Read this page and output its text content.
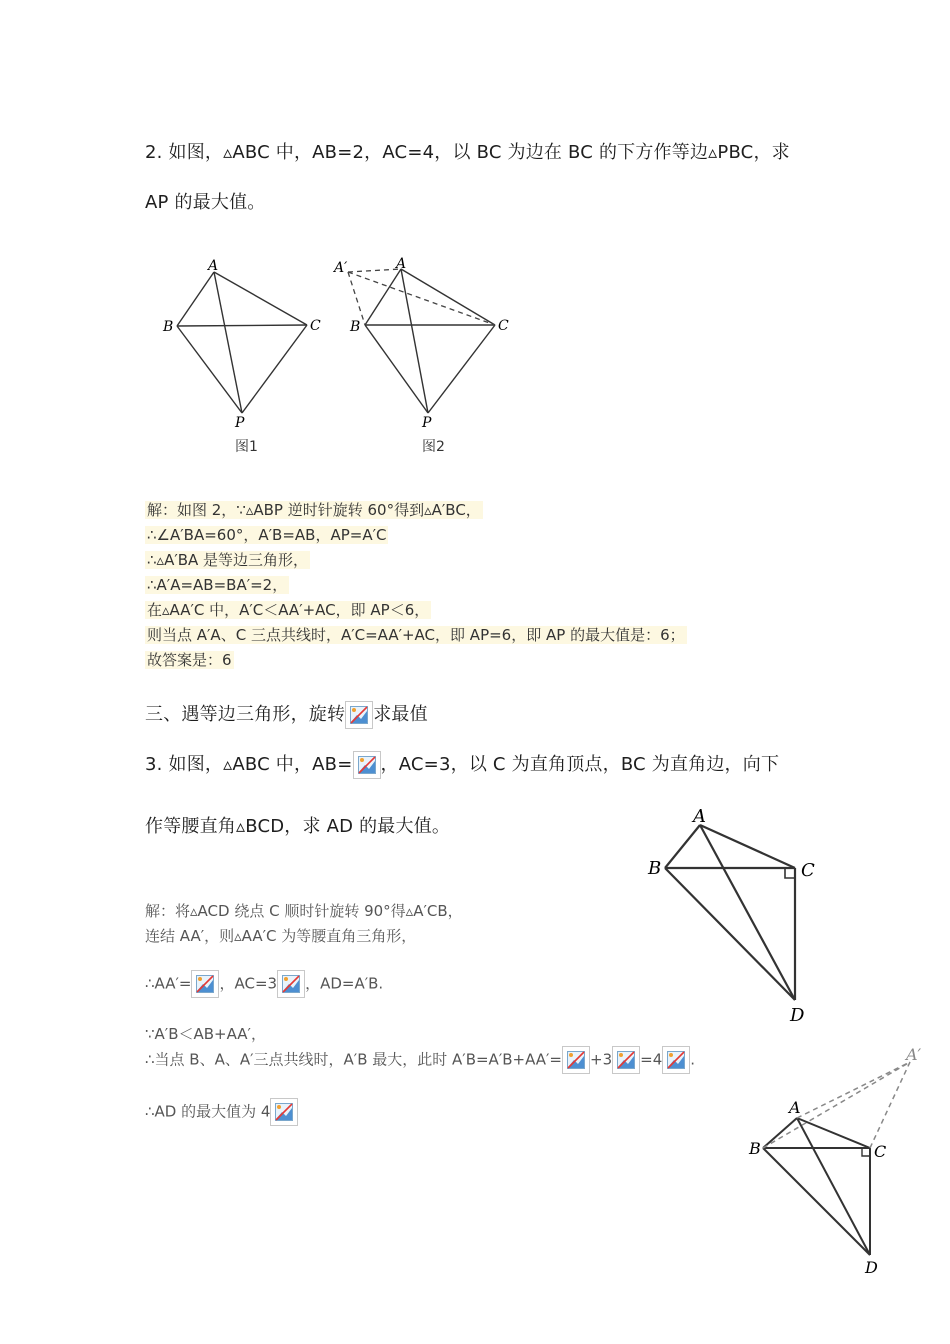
2. 如图，▵ABC 中，AB=2，AC=4，以 BC 为边在 BC 的下方作等边▵PBC，求
AP 的最大值。
A
B	C
P
图1
A′	A
B	C
P
图2
解：如图 2，∵▵ABP 逆时针旋转 60°得到▵A′BC，
∴∠A′BA=60°，A′B=AB，AP=A′C
∴▵A′BA 是等边三角形，
∴A′A=AB=BA′=2，
在▵AA′C 中，A′C＜AA′+AC，即 AP＜6，
则当点 A′A、C 三点共线时，A′C=AA′+AC，即 AP=6，即 AP 的最大值是：6；
故答案是：6
三、遇等边三角形，旋转 求最值
3. 如图，▵ABC 中，AB= ，AC=3，以 C 为直角顶点，BC 为直角边，向下
作等腰直角▵BCD，求 AD 的最大值。	A
B	C
D
解：将▵ACD 绕点 C 顺时针旋转 90°得▵A′CB，
连结 AA′，则▵AA′C 为等腰直角三角形，
∴AA′= ，AC=3 ，AD=A′B.
∵A′B＜AB+AA′，
∴当点 B、A、A′三点共线时，A′B 最大，此时 A′B=A′B+AA′= +3 =4 .
∴AD 的最大值为 4
A′
A
B	C
D
